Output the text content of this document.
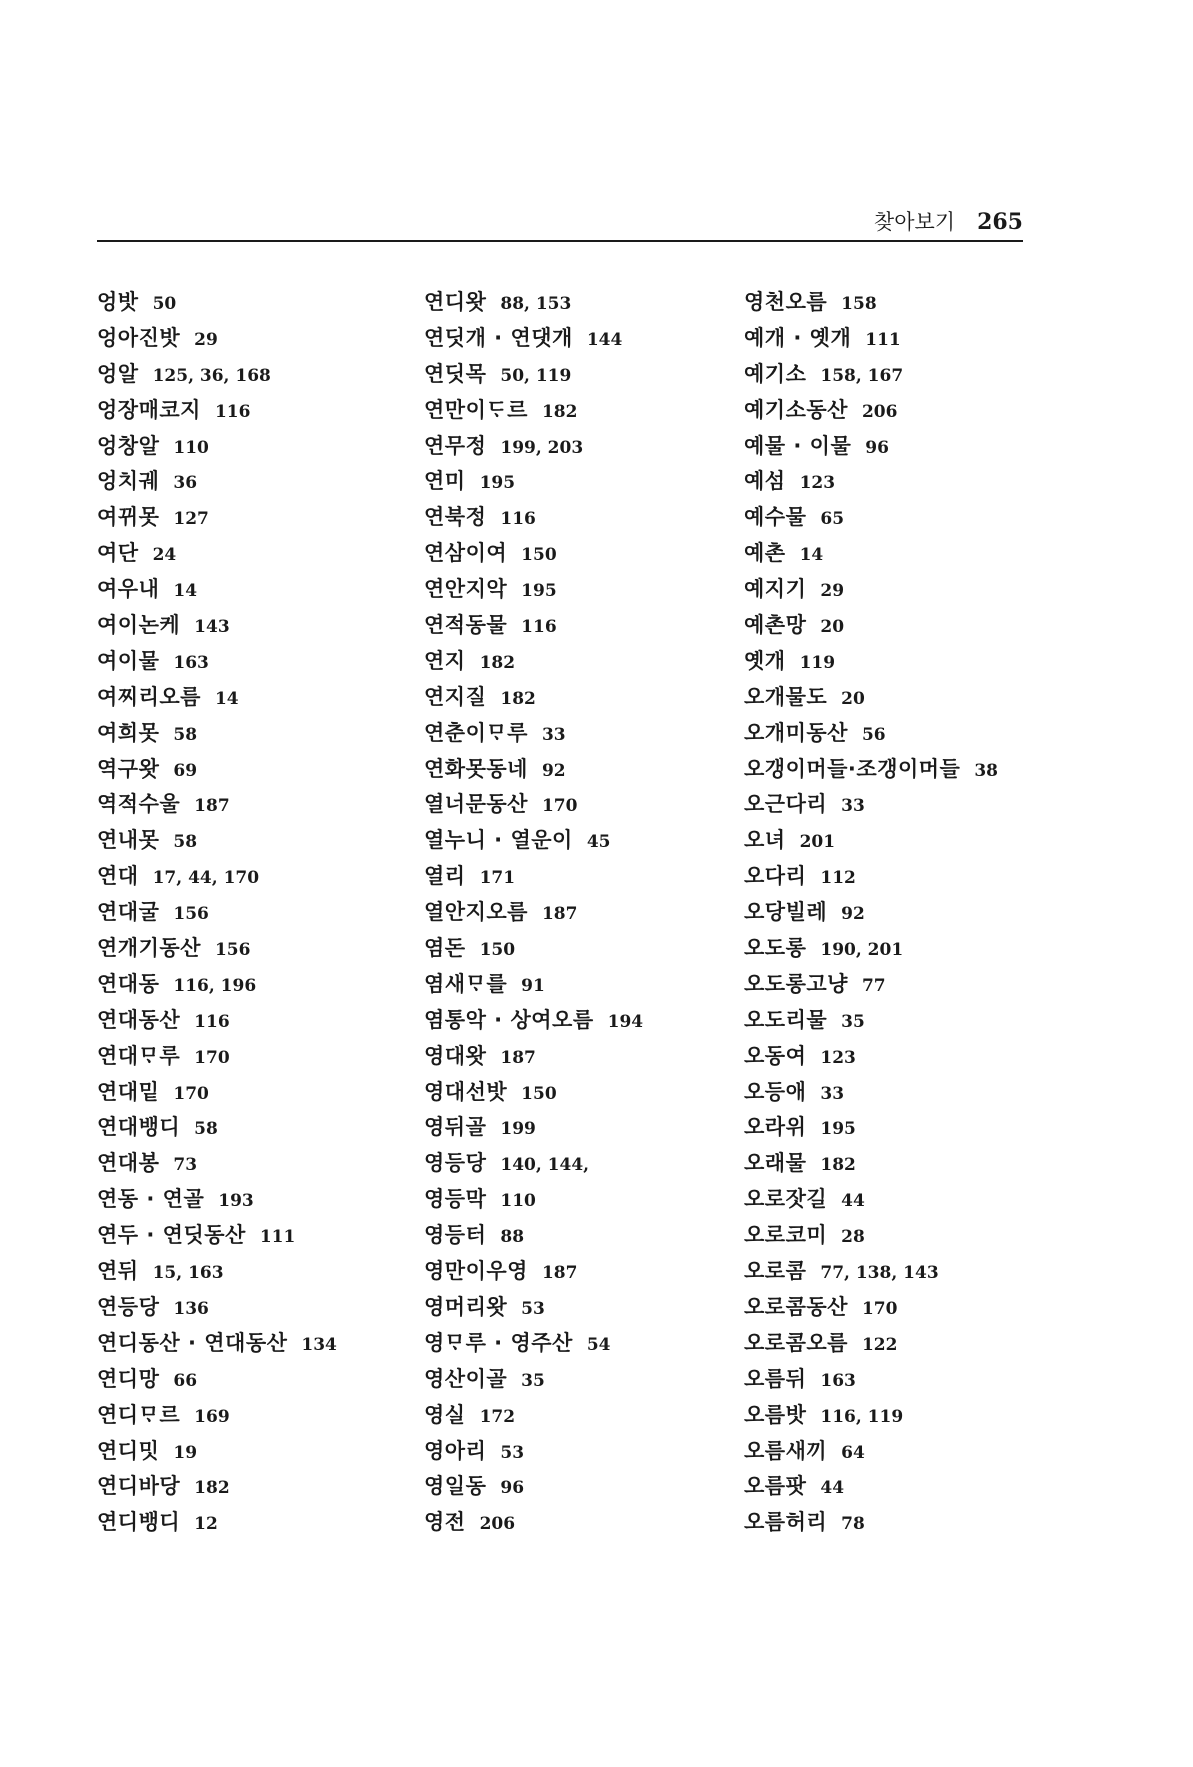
찾아보기 265
엉밧 50
엉아진밧 29
엉알 125, 36, 168
엉장매코지 116
엉창알 110
엉치궤 36
여뀌못 127
여단 24
여우내 14
여이논케 143
여이물 163
여찌리오름 14
여희못 58
역구왓 69
역적수울 187
연내못 58
연대 17, 44, 170
연대굴 156
연개기동산 156
연대동 116, 196
연대동산 116
연대ᄆᆞ루 170
연대밑 170
연대뱅디 58
연대봉 73
연동 · 연골 193
연두 · 연딧동산 111
연뒤 15, 163
연등당 136
연디동산 · 연대동산 134
연디망 66
연디ᄆᆞ르 169
연디밋 19
연디바당 182
연디뱅디 12
연디왓 88, 153
연딧개 · 연댓개 144
연딧목 50, 119
연만이ᄃᆞ르 182
연무정 199, 203
연미 195
연북정 116
연삼이여 150
연안지악 195
연적동물 116
연지 182
연지질 182
연춘이ᄆᆞ루 33
연화못동네 92
열너문동산 170
열누니 · 열운이 45
열리 171
열안지오름 187
염돈 150
염새ᄆᆞ를 91
염통악 · 상여오름 194
영대왓 187
영대선밧 150
영뒤골 199
영등당 140, 144,
영등막 110
영등터 88
영만이우영 187
영머리왓 53
영ᄆᆞ루 · 영주산 54
영산이골 35
영실 172
영아리 53
영일동 96
영전 206
영천오름 158
예개 · 옛개 111
예기소 158, 167
예기소동산 206
예물 · 이물 96
예섬 123
예수물 65
예촌 14
예지기 29
예촌망 20
옛개 119
오개물도 20
오개미동산 56
오갱이머들·조갱이머들 38
오근다리 33
오녀 201
오다리 112
오당빌레 92
오도롱 190, 201
오도롱고냥 77
오도리물 35
오동여 123
오등애 33
오라위 195
오래물 182
오로잣길 44
오로코미 28
오로콤 77, 138, 143
오로콤동산 170
오로콤오름 122
오름뒤 163
오름밧 116, 119
오름새끼 64
오름팟 44
오름허리 78
